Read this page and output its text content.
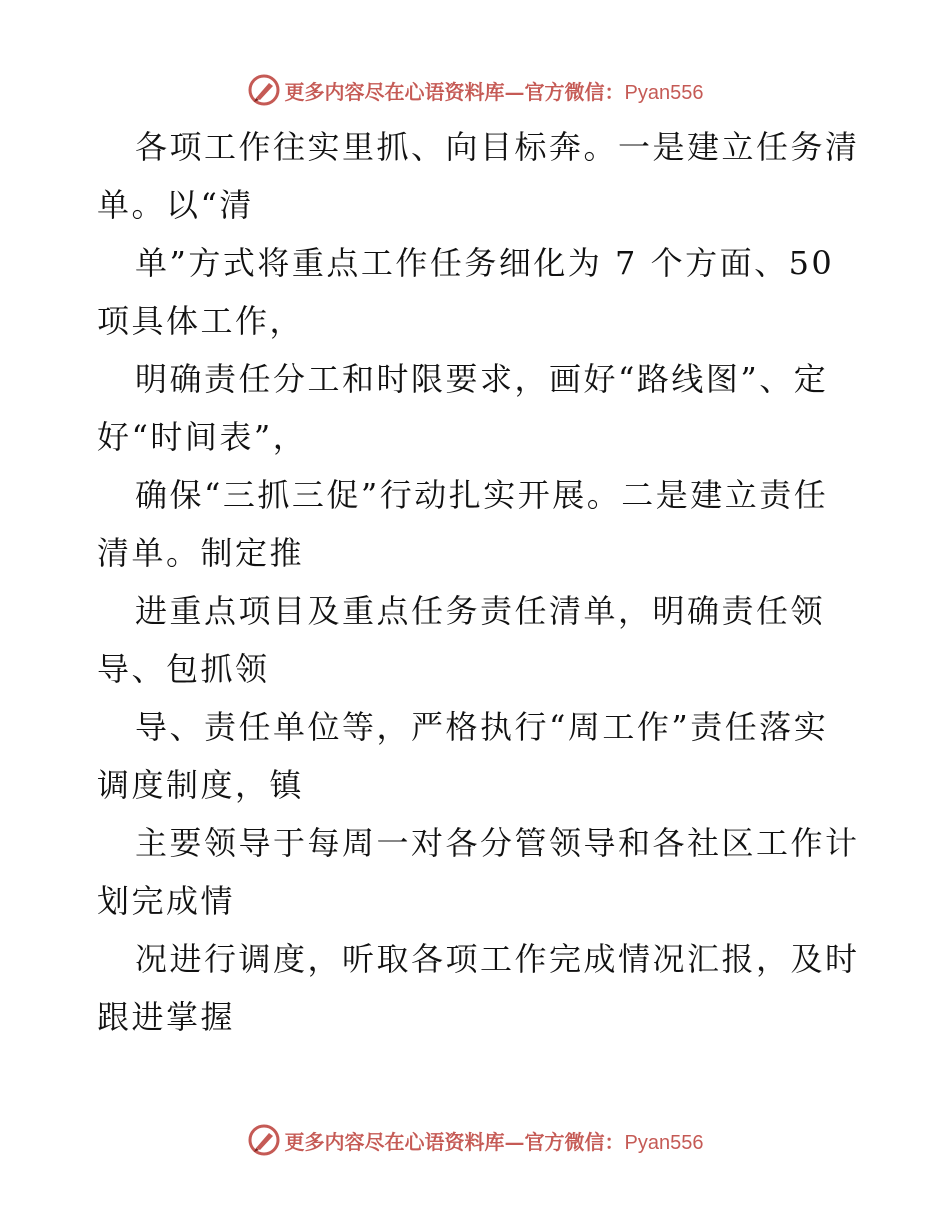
更多内容尽在心语资料库—官方微信：Pyan556
各项工作往实里抓、向目标奔。一是建立任务清
单。以“清
单”方式将重点工作任务细化为 7 个方面、50
项具体工作，
明确责任分工和时限要求，画好“路线图”、定
好“时间表”，
确保“三抓三促”行动扎实开展。二是建立责任
清单。制定推
进重点项目及重点任务责任清单，明确责任领
导、包抓领
导、责任单位等，严格执行“周工作”责任落实
调度制度，镇
主要领导于每周一对各分管领导和各社区工作计
划完成情
况进行调度，听取各项工作完成情况汇报，及时
跟进掌握
更多内容尽在心语资料库—官方微信：Pyan556
